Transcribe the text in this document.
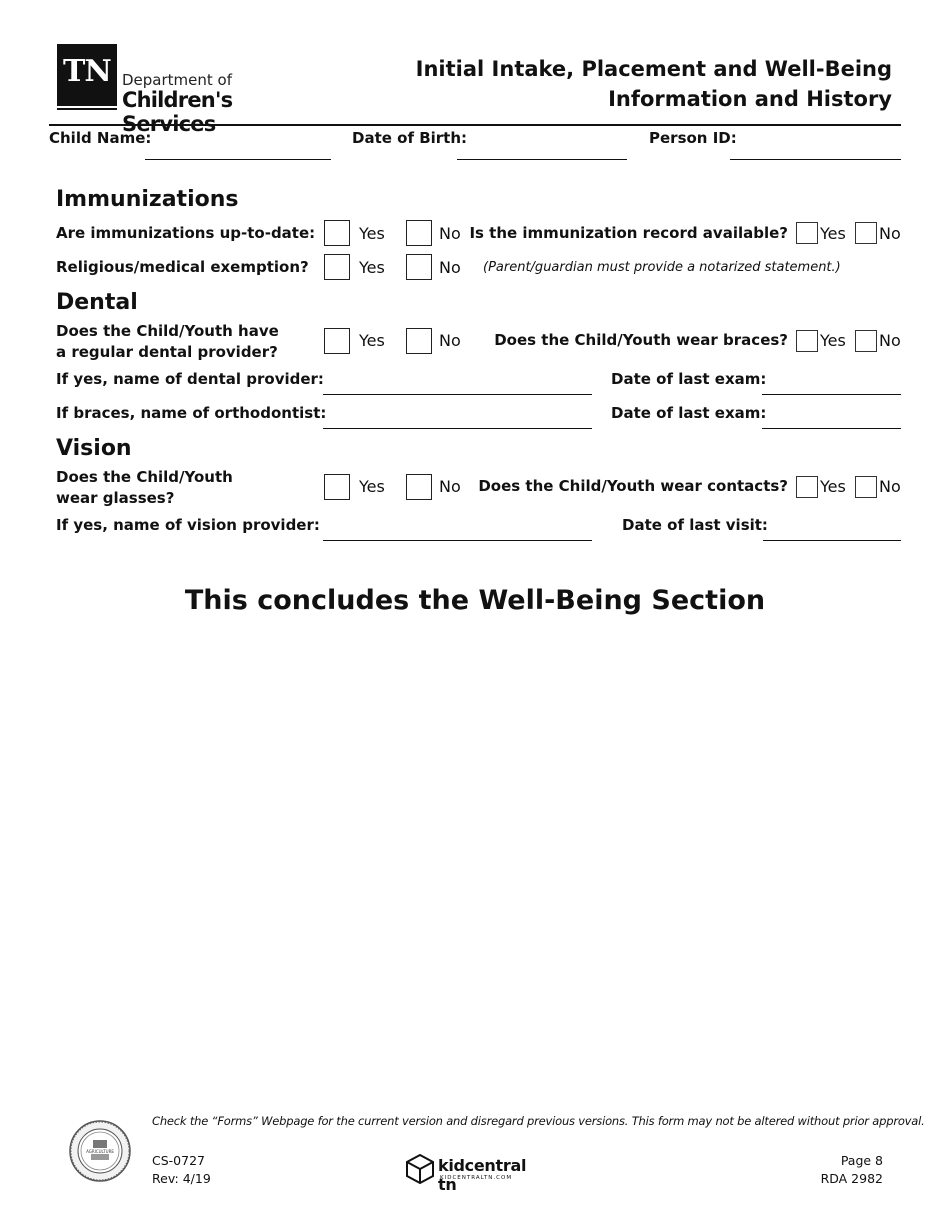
TN Department of
Children's Services
Initial Intake, Placement and Well-Being
Information and History
Child Name:	Date of Birth:	Person ID:
Immunizations
Are immunizations up-to-date:	Yes	No Is the immunization record available? Yes No
Religious/medical exemption?	Yes	No (Parent/guardian must provide a notarized statement.)
Dental
Does the Child/Youth have
a regular dental provider?
Yes	No Does the Child/Youth wear braces? Yes No
If yes, name of dental provider:	Date of last exam:
If braces, name of orthodontist:	Date of last exam:
Vision
Does the Child/Youth
wear glasses?
Yes	No Does the Child/Youth wear contacts? Yes No
If yes, name of vision provider:	Date of last visit:
This concludes the Well-Being Section
AGRICULTURE
Check the “Forms” Webpage for the current version and disregard previous versions. This form may not be altered without prior approval.
CS-0727
Rev: 4/19
kidcentral tn
KIDCENTRALTN.COM
Page 8
RDA 2982
